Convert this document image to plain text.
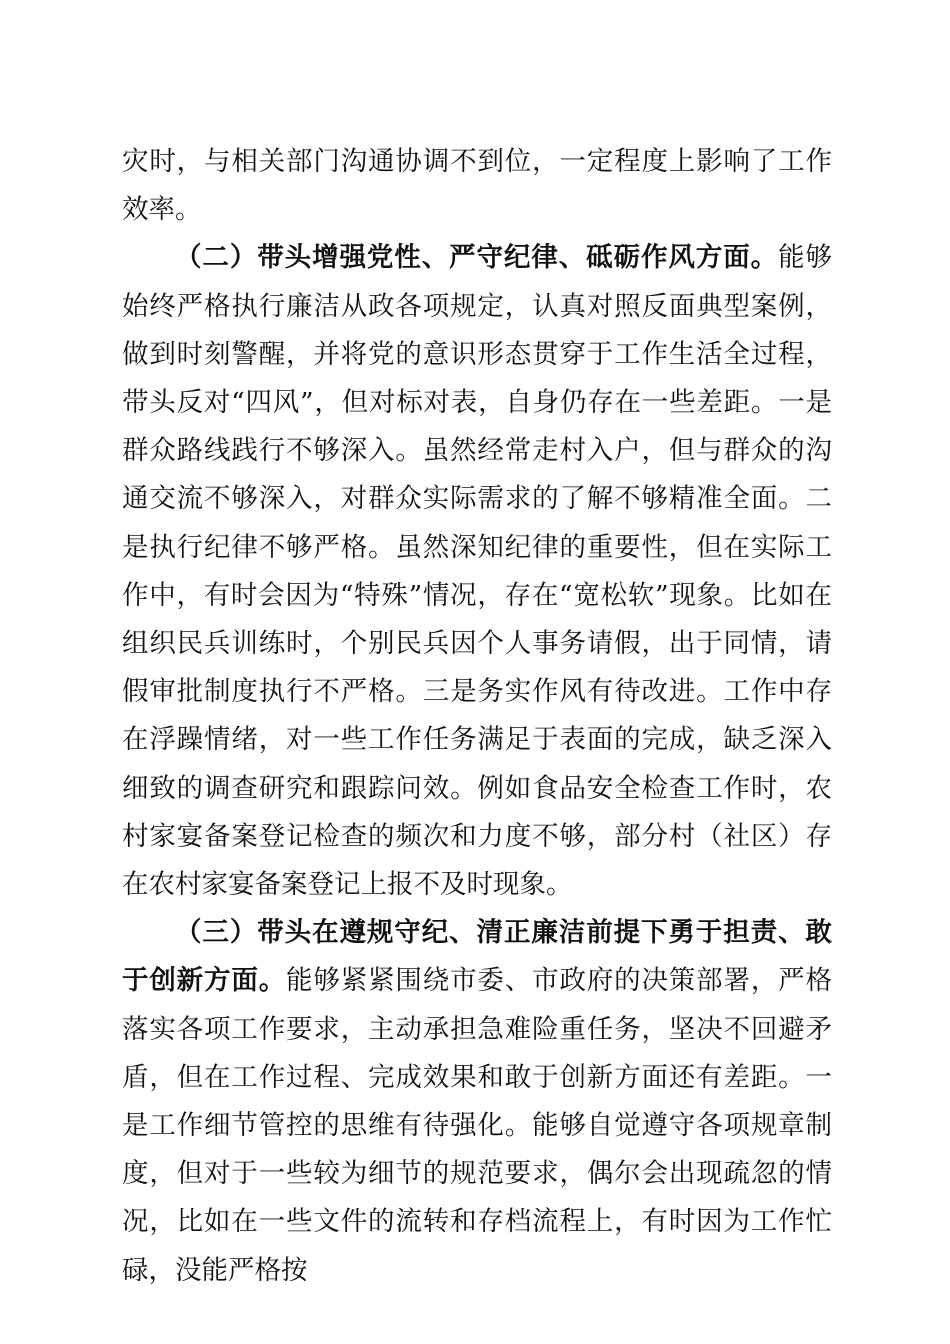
灾时，与相关部门沟通协调不到位，一定程度上影响了工作效率。

（二）带头增强党性、严守纪律、砥砺作风方面。能够始终严格执行廉洁从政各项规定，认真对照反面典型案例，做到时刻警醒，并将党的意识形态贯穿于工作生活全过程，带头反对“四风”，但对标对表，自身仍存在一些差距。一是群众路线践行不够深入。虽然经常走村入户，但与群众的沟通交流不够深入，对群众实际需求的了解不够精准全面。二是执行纪律不够严格。虽然深知纪律的重要性，但在实际工作中，有时会因为“特殊”情况，存在“宽松软”现象。比如在组织民兵训练时，个别民兵因个人事务请假，出于同情，请假审批制度执行不严格。三是务实作风有待改进。工作中存在浮躁情绪，对一些工作任务满足于表面的完成，缺乏深入细致的调查研究和跟踪问效。例如食品安全检查工作时，农村家宴备案登记检查的频次和力度不够，部分村（社区）存在农村家宴备案登记上报不及时现象。

（三）带头在遵规守纪、清正廉洁前提下勇于担责、敢于创新方面。能够紧紧围绕市委、市政府的决策部署，严格落实各项工作要求，主动承担急难险重任务，坚决不回避矛盾，但在工作过程、完成效果和敢于创新方面还有差距。一是工作细节管控的思维有待强化。能够自觉遵守各项规章制度，但对于一些较为细节的规范要求，偶尔会出现疏忽的情况，比如在一些文件的流转和存档流程上，有时因为工作忙碌，没能严格按
